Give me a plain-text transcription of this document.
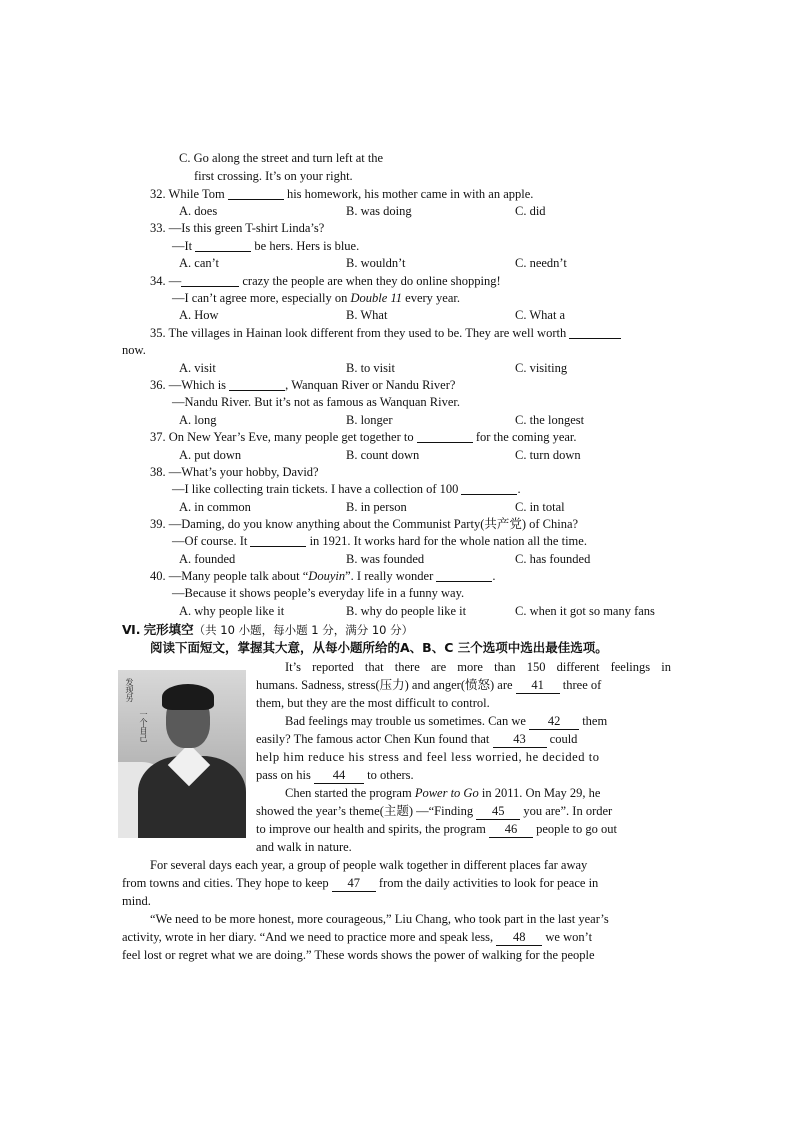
C. Go along the street and turn left at the
first crossing. It’s on your right.
32. While Tom	his homework, his mother came in with an apple.
A. does	B. was doing	C. did
33. —Is this green T-shirt Linda’s?
—It	be hers. Hers is blue.
A. can’t	B. wouldn’t	C. needn’t
34. —	crazy the people are when they do online shopping!
—I can’t agree more, especially on Double 11 every year.
A. How	B. What	C. What a
35. The villages in Hainan look different from they used to be. They are well worth
now.
A. visit	B. to visit	C. visiting
36. —Which is	, Wanquan River or Nandu River?
—Nandu River. But it’s not as famous as Wanquan River.
A. long	B. longer	C. the longest
37. On New Year’s Eve, many people get together to	for the coming year.
A. put down	B. count down	C. turn down
38. —What’s your hobby, David?
—I like collecting train tickets. I have a collection of 100	.
A. in common	B. in person	C. in total
39. —Daming, do you know anything about the Communist Party(共产党) of China?
—Of course. It	in 1921. It works hard for the whole nation all the time.
A. founded	B. was founded	C. has founded
40. —Many people talk about “Douyin”. I really wonder	.
—Because it shows people’s everyday life in a funny way.
A. why people like it	B. why do people like it	C. when it got so many fans
Ⅵ. 完形填空（共 10 小题，每小题 1 分，满分 10 分）
阅读下面短文，掌握其大意，从每小题所给的A、B、C 三个选项中选出最佳选项。
发现另
一个自己
It’s reported that there are more than 150 different feelings in
humans. Sadness, stress(压力) and anger(愤怒) are 41 three of
them, but they are the most difficult to control.
Bad feelings may trouble us sometimes. Can we 42 them
easily? The famous actor Chen Kun found that 43 could
help him reduce his stress and feel less worried, he decided to
pass on his 44 to others.
Chen started the program Power to Go in 2011. On May 29, he
showed the year’s theme(主题) —“Finding 45 you are”. In order
to improve our health and spirits, the program 46 people to go out
and walk in nature.
For several days each year, a group of people walk together in different places far away
from towns and cities. They hope to keep 47 from the daily activities to look for peace in
mind.
“We need to be more honest, more courageous,” Liu Chang, who took part in the last year’s
activity, wrote in her diary. “And we need to practice more and speak less, 48 we won’t
feel lost or regret what we are doing.” These words shows the power of walking for the people
